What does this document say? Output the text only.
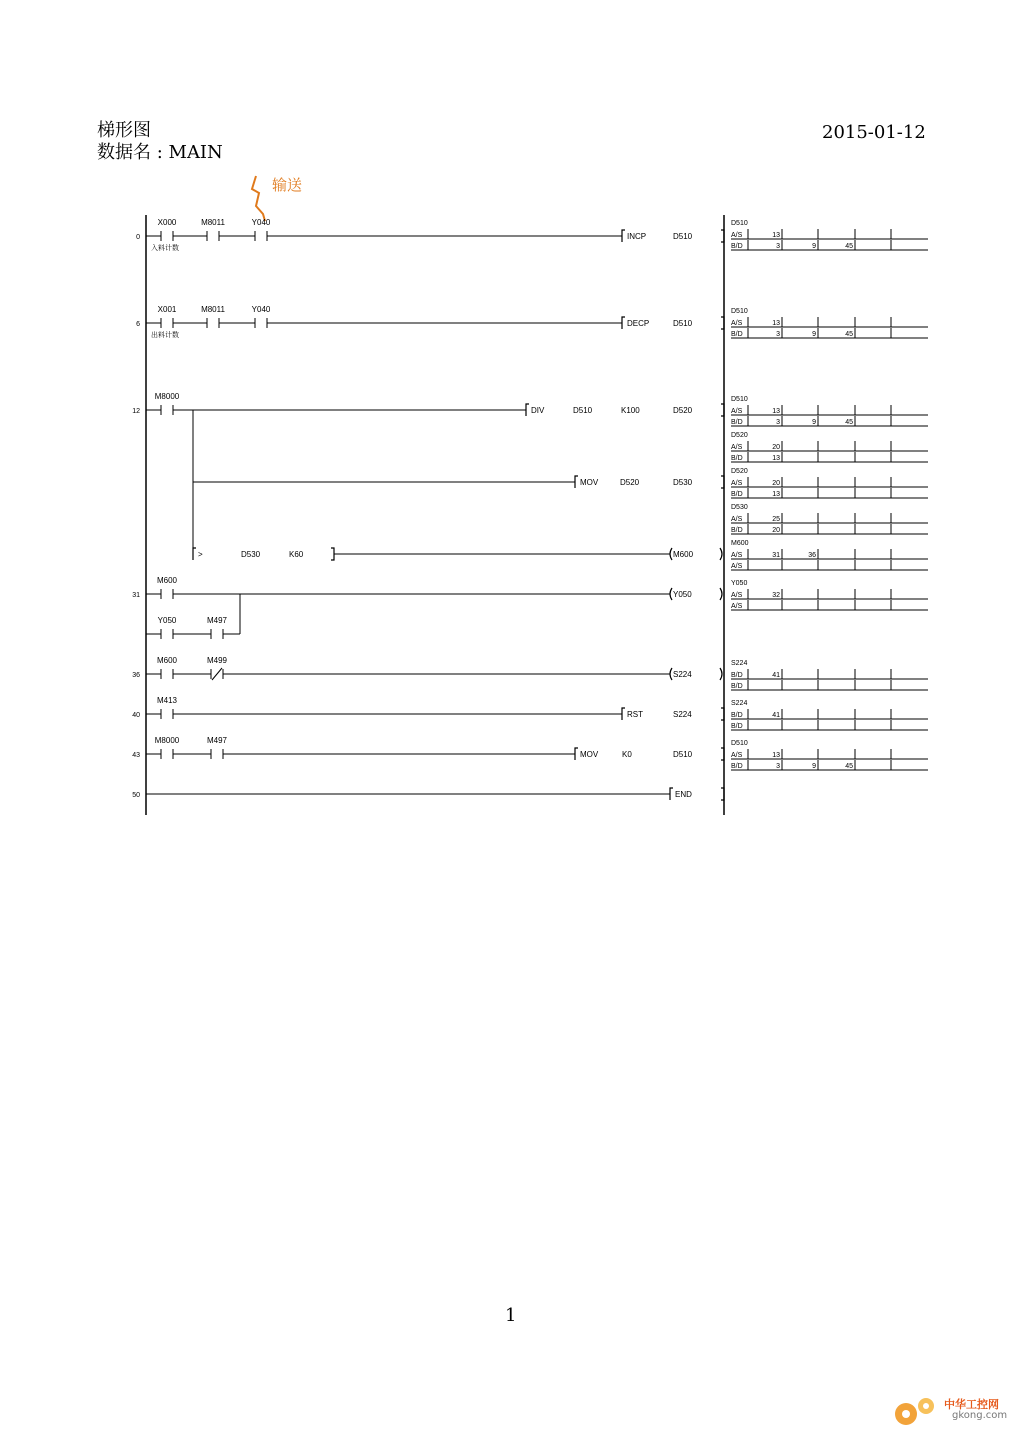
梯形图
数据名 : MAIN
2015-01-12
输送
0
X000
入料计数
M8011	Y040
INCP	D510
6
X001
出料计数
M8011	Y040
DECP	D510
12
M8000
DIV	D510	K100	D520
MOV	D520	D530
>	D530	K60	M600
31
M600
Y050	M497
Y050
36
M600	M499
S224
40
M413
RST	S224
43
M8000	M497
MOV	K0	D510
50	END
D510
A/S	13
B/D	3	9	45
D510
A/S	13
B/D	3	9	45
D510
A/S	13
B/D	3	9	45
D520
A/S	20
B/D	13
D520
A/S	20
B/D	13
D530
A/S	25
B/D	20
M600
A/S	31	36
A/S
Y050
A/S	32
A/S
S224
B/D	41
B/D
S224
B/D	41
B/D
D510
A/S	13
B/D	3	9	45
1
中华工控网
gkong.com
